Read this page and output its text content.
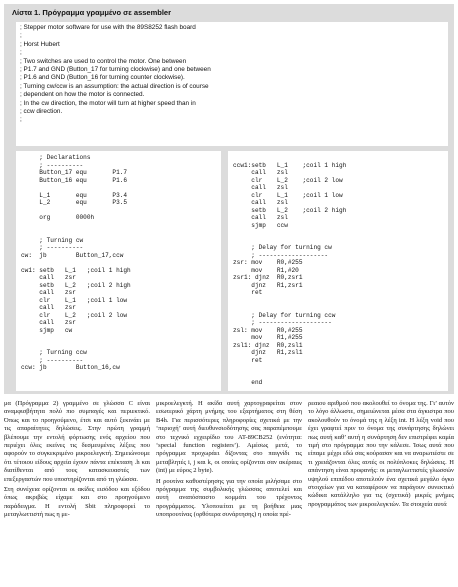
Λίστα 1. Πρόγραμμα γραμμένο σε assembler
; Stepper motor software for use with the 89S8252 flash board
;
; Horst Hubert
;
; Two switches are used to control the motor. One between
; P1.7 and GND (Button_17 for turning clockwise) and one between
; P1.6 and GND (Button_16 for turning counter clockwise).
; Turning cw/ccw is an assumption: the actual direction is of course
; dependent on how the motor is connected.
; In the cw direction, the motor will turn at higher speed than in
; ccw direction.
;
; Declarations
; ----------
Button_17 equ       P1.7
Button_16 equ       P1.6
L_1       equ       P3.4
L_2       equ       P3.5
org       0000h
; Turning cw
; ----------
cw:  jb        Button_17,ccw
cw1: setb   L_1   ;coil 1 high
call   zsr
setb   L_2   ;coil 2 high
call   zsr
clr    L_1   ;coil 1 low
call   zsr
clr    L_2   ;coil 2 low
call   zsr
sjmp   cw
; Turning ccw
; ----------
ccw: jb        Button_16,cw
ccw1:setb   L_1    ;coil 1 high
call   zsl
clr    L_2    ;coil 2 low
call   zsl
clr    L_1    ;coil 1 low
call   zsl
setb   L_2    ;coil 2 high
call   zsl
sjmp   ccw
; Delay for turning cw
; -------------------
zsr: mov    R0,#255
mov    R1,#20
zsr1: djnz  R0,zsr1
djnz   R1,zsr1
ret
; Delay for turning ccw
; --------------------
zsl: mov    R0,#255
mov    R1,#255
zsl1: djnz  R0,zsl1
djnz   R1,zsl1
ret
end

μα (Πρόγραμμα 2) γραμμένο σε γλώσσα C είναι αναμφισβήτητα πολύ πιο συμπαγές και περιεκτικό. Όπως και το προηγούμενο, έτσι και αυτό ξεκινάει με τις απαραίτητες δηλώσεις. Στην πρώτη γραμμή βλέπουμε την εντολή φόρτωσης ενός αρχείου που περιέχει όλες εκείνες τις δεσμευμένες λέξεις που αφορούν το συγκεκριμένο μικροελεγκτή. Σημειώνουμε ότι τέτοιου είδους αρχεία έχουν πάντα επέκταση .h και διατίθενται από τους κατασκευαστές των επεξεργαστών που υποστηρίζονται από τη γλώσσα.

Στη συνέχεια ορίζονται οι ακίδες εισόδου και εξόδου όπως ακριβώς είχαμε και στο προηγούμενο παράδειγμα. Η εντολή Sbit πληροφορεί το μεταγλωττιστή πως η με-

μικροελεγκτή. Η ακίδα αυτή χαρτογραφείται στον εσωτερικό χάρτη μνήμης του εξαρτήματος στη θέση B4h. Για περισσότερες πληροφορίες σχετικά με την ‘περιοχή’ αυτή διευθυνσιοδότησης σας παραπέμπουμε στο τεχνικό εγχειρίδιο του AT-89CB252 (ενότητα: ‘special function registers’). Αμέσως μετά, το πρόγραμμα προχωράει δίζοντας στο παιγνίδι τις μεταβλητές i, j και k, οι οποίες ορίζονται σαν ακέραιες (int) με εύρος 2 byte).

Η ρουτίνα καθυστέρησης για την οποία μιλήσαμε στο πρόγραμμα της συμβολικής γλώσσας αποτελεί και αυτή αναπόσπαστο κομμάτι του τρέχοντος προγράμματος. Υλοποιείται με τη βοήθεια μιας υποπρουτίνας (ορθότερα συνάρτησης) η οποία πρέ-

ρεαιου αριθμού που ακολουθεί το όνομα της. Γι’ αυτόν το λόγο άλλωστε, σημειώνεται μέσα στα άγκιστρα που ακολουθούν το όνομά της η λέξη int. Η λέξη void που έχει γραφτεί πριν το όνομα της συνάρτησης δηλώνει πως αυτή καθ’ αυτή η συνάρτηση δεν επιστρέφει καμία τιμή στο πρόγραμμα που την κάλεσε. Ίσως αυτά που είπαμε μέχρι εδώ σας κούρασαν και να αναρωτιέστε σε τι χρειάζονται όλες αυτές οι πολύπλοκες δηλώσεις. Η απάντηση είναι προφανής: οι μεταγλωττιστές γλωσσών υψηλού επιπέδου αποτελούν ένα σχετικά μεγάλο όγκο στοιχείων για να καταφέρουν να παράγουν συνεκτικό κώδικα κατάλληλο για τις (σχετικά) μικρές μνήμες προγραμμάτος των μικροελεγκτών. Τα στοιχεία αυτά
